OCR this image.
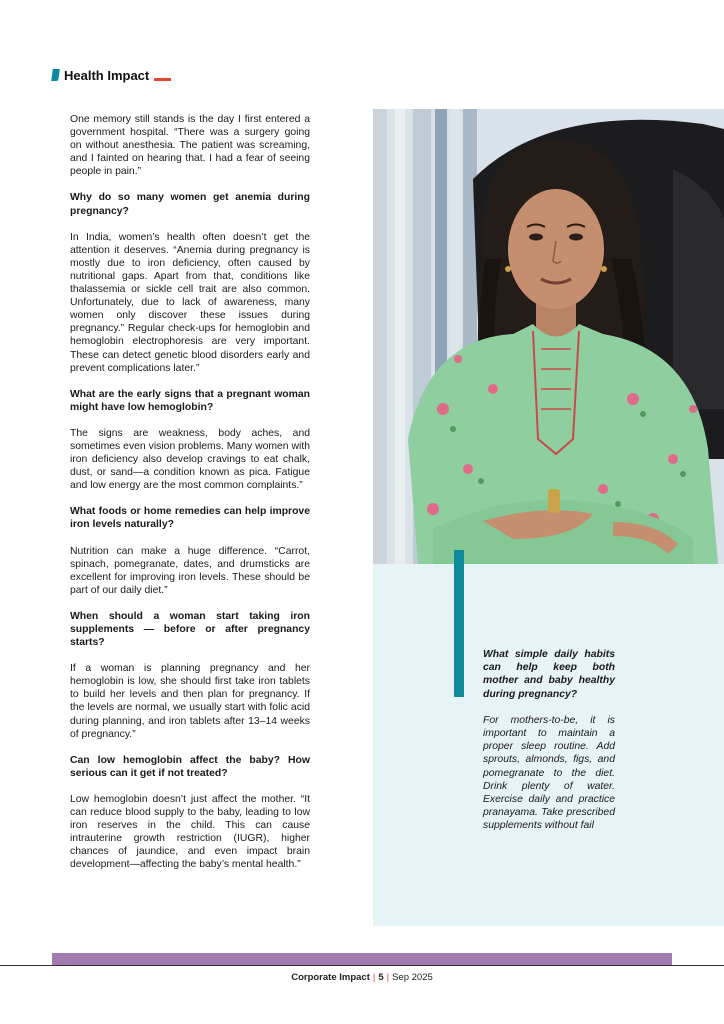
Health Impact

One memory still stands is the day I first entered a government hospital. “There was a surgery going on without anesthesia. The patient was screaming, and I fainted on hearing that. I had a fear of seeing people in pain.”

Why do so many women get anemia during pregnancy?

In India, women’s health often doesn’t get the attention it deserves. “Anemia during pregnancy is mostly due to iron deficiency, often caused by nutritional gaps. Apart from that, conditions like thalassemia or sickle cell trait are also common. Unfortunately, due to lack of awareness, many women only discover these issues during pregnancy.” Regular check-ups for hemoglobin and hemoglobin electrophoresis are very important. These can detect genetic blood disorders early and prevent complications later.”

What are the early signs that a pregnant woman might have low hemoglobin?

The signs are weakness, body aches, and sometimes even vision problems. Many women with iron deficiency also develop cravings to eat chalk, dust, or sand—a condition known as pica. Fatigue and low energy are the most common complaints.”

What foods or home remedies can help improve iron levels naturally?

Nutrition can make a huge difference. “Carrot, spinach, pomegranate, dates, and drumsticks are excellent for improving iron levels. These should be part of our daily diet.”

When should a woman start taking iron supplements — before or after pregnancy starts?

If a woman is planning pregnancy and her hemoglobin is low, she should first take iron tablets to build her levels and then plan for pregnancy. If the levels are normal, we usually start with folic acid during planning, and iron tablets after 13–14 weeks of pregnancy.”

Can low hemoglobin affect the baby? How serious can it get if not treated?

Low hemoglobin doesn’t just affect the mother. “It can reduce blood supply to the baby, leading to low iron reserves in the child. This can cause intrauterine growth restriction (IUGR), higher chances of jaundice, and even impact brain development—affecting the baby’s mental health.”

What simple daily habits can help keep both mother and baby healthy during pregnancy?

For mothers-to-be, it is important to maintain a proper sleep routine. Add sprouts, almonds, figs, and pomegranate to the diet. Drink plenty of water. Exercise daily and practice pranayama. Take prescribed supplements without fail

Corporate Impact | 5 | Sep 2025
